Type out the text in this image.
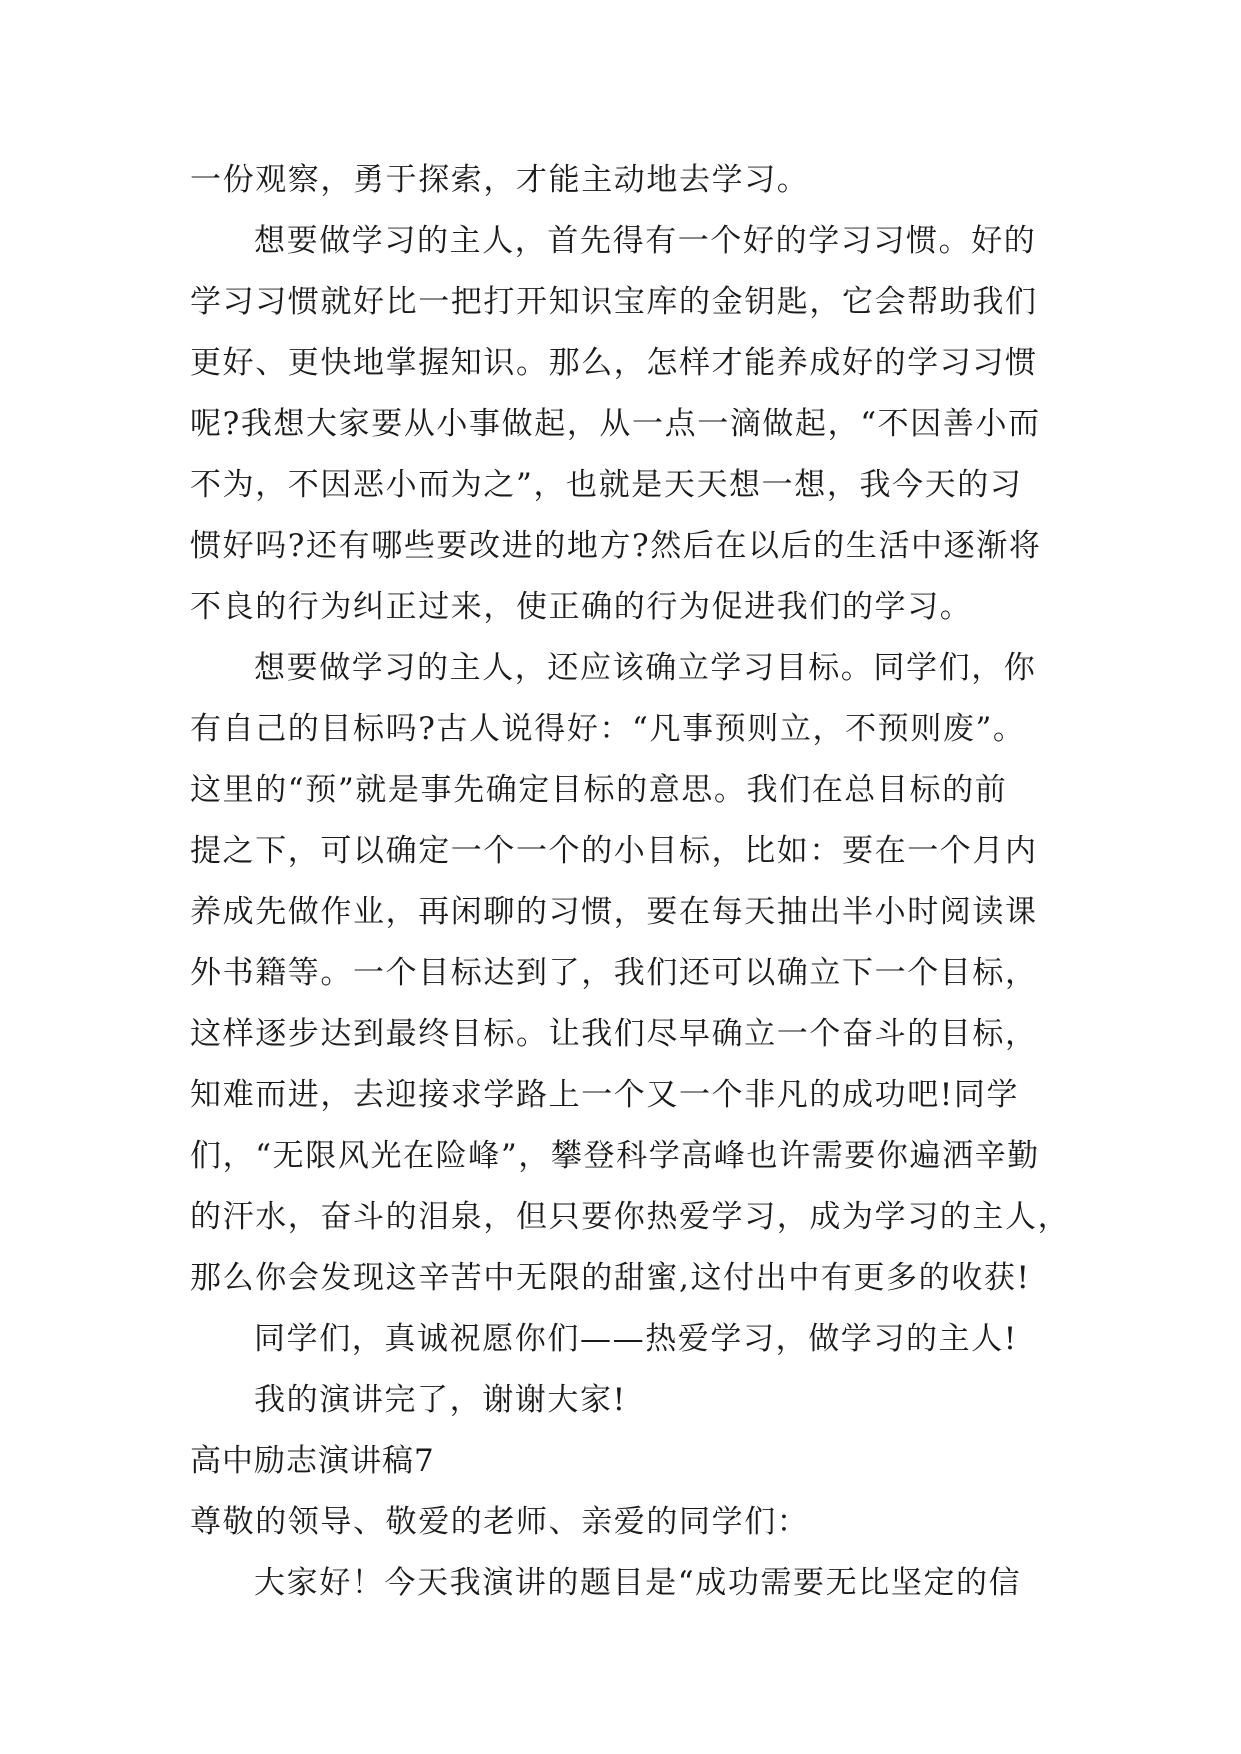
一份观察，勇于探索，才能主动地去学习。
想要做学习的主人，首先得有一个好的学习习惯。好的
学习习惯就好比一把打开知识宝库的金钥匙，它会帮助我们
更好、更快地掌握知识。那么，怎样才能养成好的学习习惯
呢?我想大家要从小事做起，从一点一滴做起，“不因善小而
不为，不因恶小而为之”，也就是天天想一想，我今天的习
惯好吗?还有哪些要改进的地方?然后在以后的生活中逐渐将
不良的行为纠正过来，使正确的行为促进我们的学习。
想要做学习的主人，还应该确立学习目标。同学们，你
有自己的目标吗?古人说得好：“凡事预则立，不预则废”。
这里的“预”就是事先确定目标的意思。我们在总目标的前
提之下，可以确定一个一个的小目标，比如：要在一个月内
养成先做作业，再闲聊的习惯，要在每天抽出半小时阅读课
外书籍等。一个目标达到了，我们还可以确立下一个目标，
这样逐步达到最终目标。让我们尽早确立一个奋斗的目标，
知难而进，去迎接求学路上一个又一个非凡的成功吧!同学
们，“无限风光在险峰”，攀登科学高峰也许需要你遍洒辛勤
的汗水，奋斗的泪泉，但只要你热爱学习，成为学习的主人，
那么你会发现这辛苦中无限的甜蜜,这付出中有更多的收获!
同学们，真诚祝愿你们——热爱学习，做学习的主人!
我的演讲完了，谢谢大家!
高中励志演讲稿7
尊敬的领导、敬爱的老师、亲爱的同学们：
大家好！今天我演讲的题目是“成功需要无比坚定的信
